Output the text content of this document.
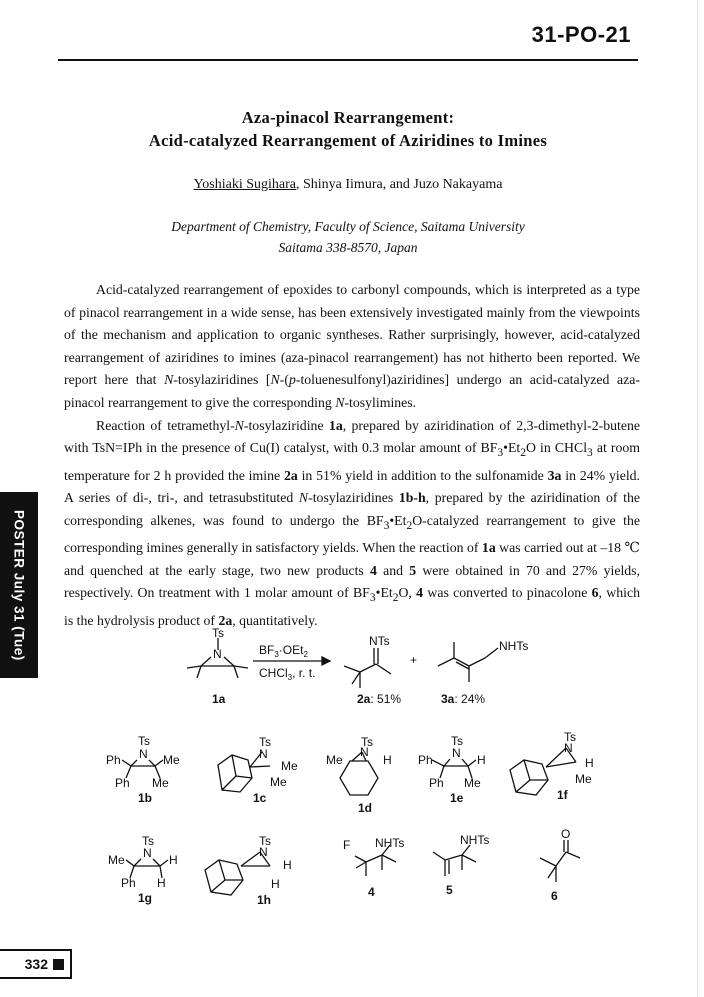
31-PO-21
Aza-pinacol Rearrangement:
Acid-catalyzed Rearrangement of Aziridines to Imines
Yoshiaki Sugihara, Shinya Iimura, and Juzo Nakayama
Department of Chemistry, Faculty of Science, Saitama University
Saitama 338-8570, Japan

Acid-catalyzed rearrangement of epoxides to carbonyl compounds, which is interpreted as a type of pinacol rearrangement in a wide sense, has been extensively investigated mainly from the viewpoints of the mechanism and application to organic syntheses. Rather surprisingly, however, acid-catalyzed rearrangement of aziridines to imines (aza-pinacol rearrangement) has not hitherto been reported. We report here that N-tosylaziridines [N-(p-toluenesulfonyl)aziridines] undergo an acid-catalyzed aza-pinacol rearrangement to give the corresponding N-tosylimines.

Reaction of tetramethyl-N-tosylaziridine 1a, prepared by aziridination of 2,3-dimethyl-2-butene with TsN=IPh in the presence of Cu(I) catalyst, with 0.3 molar amount of $BF_3•Et_2O$ in CHCl$_3$ at room temperature for 2 h provided the imine 2a in 51% yield in addition to the sulfonamide 3a in 24% yield. A series of di-, tri-, and tetrasubstituted N-tosylaziridines 1b-h, prepared by the aziridination of the corresponding alkenes, was found to undergo the $BF_3•Et_2O$-catalyzed rearrangement to give the corresponding imines generally in satisfactory yields. When the reaction of 1a was carried out at –18 ℃ and quenched at the early stage, two new products 4 and 5 were obtained in 70 and 27% yields, respectively. On treatment with 1 molar amount of $BF_3•Et_2O$, 4 was converted to pinacolone 6, which is the hydrolysis product of 2a, quantitatively.

POSTER July 31 (Tue)
332
Ts
N
1a
$BF_3\cdot OEt_2$
CHCl$_3$, r. t.
NTs
2a: 51%
+
NHTs
3a: 24%
Ts
N
Ph	Me
Ph Me
1b
Ts
N
Me
Me
1c
Ts
N
Me	H
1d
Ts
N
Ph	H
Ph Me
1e
Ts
N
H
Me
1f
Ts
N
Me	H
Ph H
1g
Ts
N
H
H
1h
F NHTs
4
NHTs
5
O
6
